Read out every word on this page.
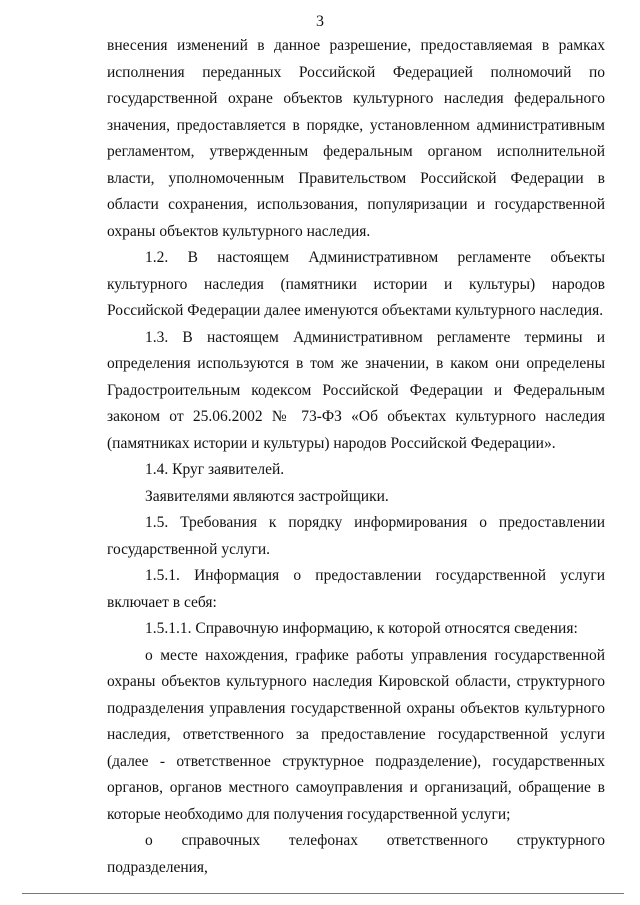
3

внесения изменений в данное разрешение, предоставляемая в рамках исполнения переданных Российской Федерацией полномочий по государственной охране объектов культурного наследия федерального значения, предоставляется в порядке, установленном административным регламентом, утвержденным федеральным органом исполнительной власти, уполномоченным Правительством Российской Федерации в области сохранения, использования, популяризации и государственной охраны объектов культурного наследия.

1.2. В настоящем Административном регламенте объекты культурного наследия (памятники истории и культуры) народов Российской Федерации далее именуются объектами культурного наследия.

1.3. В настоящем Административном регламенте термины и определения используются в том же значении, в каком они определены Градостроительным кодексом Российской Федерации и Федеральным законом от 25.06.2002 № 73-ФЗ «Об объектах культурного наследия (памятниках истории и культуры) народов Российской Федерации».

1.4. Круг заявителей.

Заявителями являются застройщики.

1.5. Требования к порядку информирования о предоставлении государственной услуги.

1.5.1. Информация о предоставлении государственной услуги включает в себя:

1.5.1.1. Справочную информацию, к которой относятся сведения:

о месте нахождения, графике работы управления государственной охраны объектов культурного наследия Кировской области, структурного подразделения управления государственной охраны объектов культурного наследия, ответственного за предоставление государственной услуги (далее - ответственное структурное подразделение), государственных органов, органов местного самоуправления и организаций, обращение в которые необходимо для получения государственной услуги;

о справочных телефонах ответственного структурного подразделения,
